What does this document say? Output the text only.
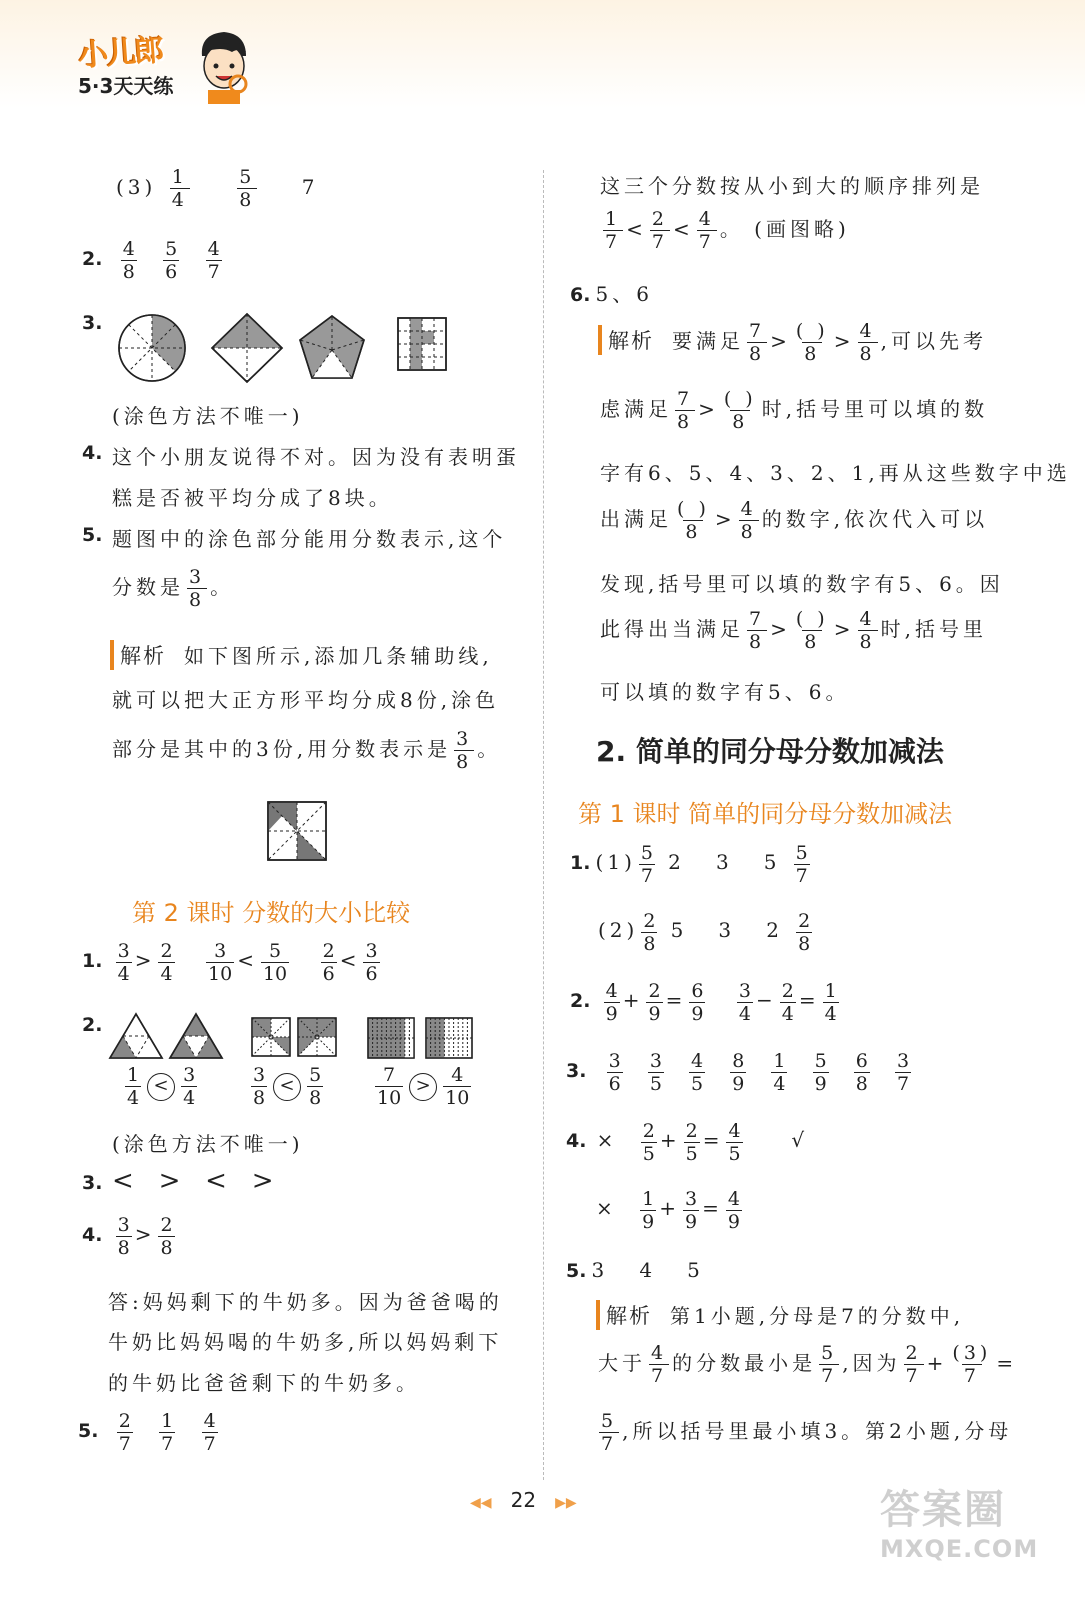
小儿郎
5·3天天练
$(3) \frac{1}{4}$
$\frac{5}{8} 7$
2. $\frac{4}{8}$
$\frac{5}{6}$
$\frac{4}{7}$
3.
(涂色方法不唯一)
4. 这个小朋友说得不对。因为没有表明蛋
糕是否被平均分成了8块。
5. 题图中的涂色部分能用分数表示,这个
分数是 $\frac{3}{8}$ 。
解析 如下图所示,添加几条辅助线,
就可以把大正方形平均分成8份,涂色
部分是其中的3份,用分数表示是 $\frac{3}{8}$ 。
第 2 课时 分数的大小比较
1. $\frac{3}{4} > \frac{2}{4}$
$\frac{3}{10} < \frac{5}{10}$
$\frac{2}{6} < \frac{3}{6}$
2.
$\frac{1}{4} < \frac{3}{4}$	$\frac{3}{8} < \frac{5}{8}$	$\frac{7}{10} > \frac{4}{10}$
(涂色方法不唯一)
3. <   >   <   >
4. $\frac{3}{8} > \frac{2}{8}$
答:妈妈剩下的牛奶多。因为爸爸喝的
牛奶比妈妈喝的牛奶多,所以妈妈剩下
的牛奶比爸爸剩下的牛奶多。
5. $\frac{2}{7}$
$\frac{1}{7}$
$\frac{4}{7}$
这三个分数按从小到大的顺序排列是
$\frac{1}{7} < \frac{2}{7} < \frac{4}{7}$ 。 (画图略)
6. 5、6
解析 要满足 $\frac{7}{8} > \frac{( )}{8} > \frac{4}{8}$ ,可以先考
虑满足 $\frac{7}{8} > \frac{( )}{8}$ 时,括号里可以填的数
字有6、5、4、3、2、1,再从这些数字中选
出满足 $\frac{( )}{8} > \frac{4}{8}$ 的数字,依次代入可以
发现,括号里可以填的数字有5、6。因
此得出当满足 $\frac{7}{8} > \frac{( )}{8} > \frac{4}{8}$ 时,括号里
可以填的数字有5、6。
2. 简单的同分母分数加减法
第 1 课时 简单的同分母分数加减法
1. $(1) \frac{5}{7} 2$   3   $5 \frac{5}{7}$
$(2) \frac{2}{8} 5$   3   $2 \frac{2}{8}$
2. $\frac{4}{9} + \frac{2}{9} = \frac{6}{9}$
$\frac{3}{4} - \frac{2}{4} = \frac{1}{4}$
3. $\frac{3}{6}$
$\frac{3}{5}$
$\frac{4}{5}$
$\frac{8}{9}$
$\frac{1}{4}$
$\frac{5}{9}$
$\frac{6}{8}$
$\frac{3}{7}$
4. × $\frac{2}{5} + \frac{2}{5} = \frac{4}{5}$ √
× $\frac{1}{9} + \frac{3}{9} = \frac{4}{9}$
5. 3   4   5
解析 第1小题,分母是7的分数中,
大于 $\frac{4}{7}$ 的分数最小是 $\frac{5}{7}$ ,因为 $\frac{2}{7} + \frac{(3)}{7}$ =
$\frac{5}{7}$ ,所以括号里最小填3。第2小题,分母
◀◀ 22 ▶▶	答案圈
MXQE.COM
